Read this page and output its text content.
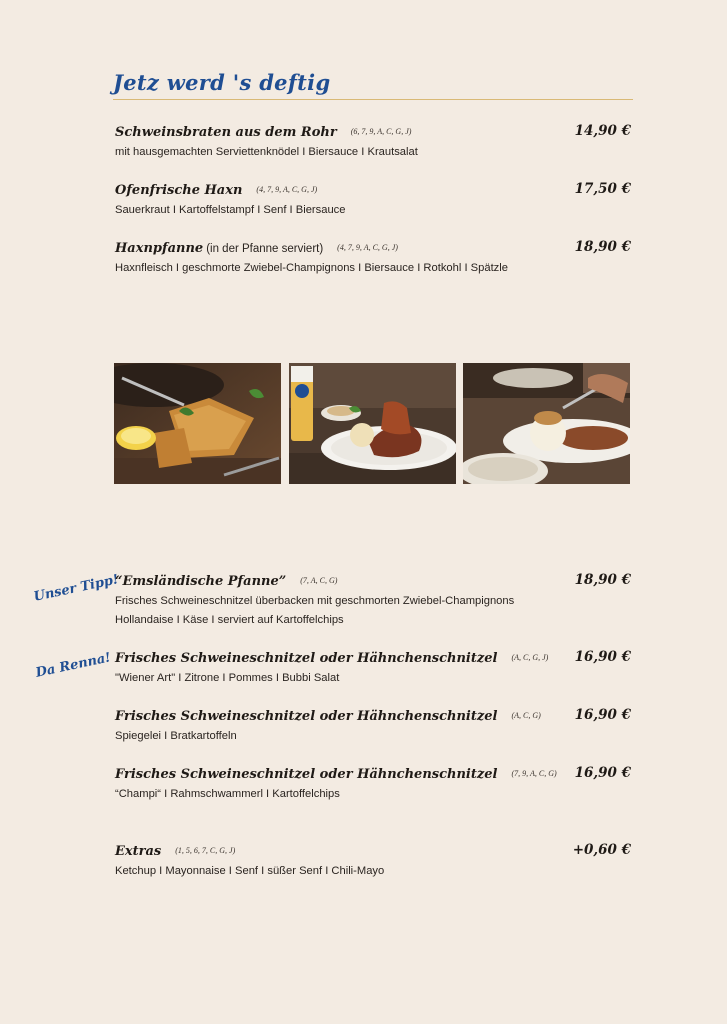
Jetz werd 's deftig
Schweinsbraten aus dem Rohr (6, 7, 9, A, C, G, J)	14,90 €
mit hausgemachten Serviettenknödel I Biersauce I Krautsalat
Ofenfrische Haxn (4, 7, 9, A, C, G, J)	17,50 €
Sauerkraut I Kartoffelstampf I Senf I Biersauce
Haxnpfanne (in der Pfanne serviert) (4, 7, 9, A, C, G, J)	18,90 €
Haxnfleisch I geschmorte Zwiebel-Champignons I Biersauce I Rotkohl I Spätzle
Unser Tipp!
Da Renna!
“Emsländische Pfanne” (7, A, C, G)	18,90 €
Frisches Schweineschnitzel überbacken mit geschmorten Zwiebel-Champignons
Hollandaise I Käse I serviert auf Kartoffelchips
Frisches Schweineschnitzel oder Hähnchenschnitzel (A, C, G, J) 16,90 €
"Wiener Art" I Zitrone I Pommes I Bubbi Salat
Frisches Schweineschnitzel oder Hähnchenschnitzel (A, C, G)	16,90 €
Spiegelei I Bratkartoffeln
Frisches Schweineschnitzel oder Hähnchenschnitzel (7, 9, A, C, G) 16,90 €
“Champi“ I Rahmschwammerl I Kartoffelchips
Extras (1, 5, 6, 7, C, G, J)	+0,60 €
Ketchup I Mayonnaise I Senf I süßer Senf I Chili-Mayo
